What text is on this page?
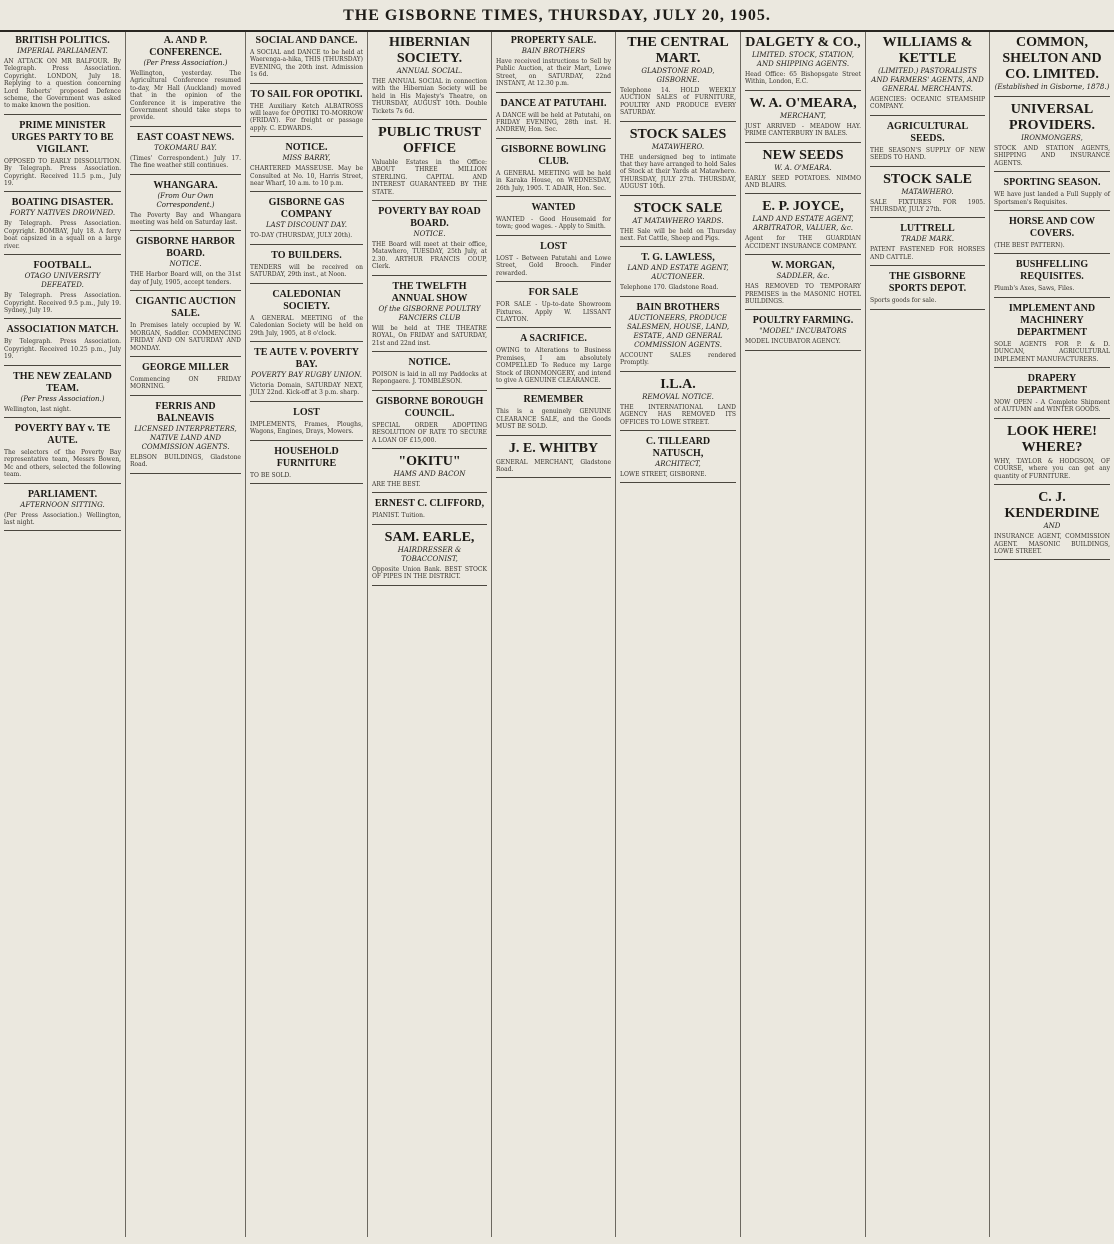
THE GISBORNE TIMES, THURSDAY, JULY 20, 1905.
BRITISH POLITICS.
IMPERIAL PARLIAMENT.
AN ATTACK ON MR BALFOUR. By Telegraph. Press Association. Copyright. LONDON, July 18. Replying to a question concerning Lord Roberts' proposed Defence scheme, the Government was asked to make known the position.
PRIME MINISTER URGES PARTY TO BE VIGILANT.
OPPOSED TO EARLY DISSOLUTION. By Telegraph. Press Association. Copyright. Received 11.5 p.m., July 19.
BOATING DISASTER.
FORTY NATIVES DROWNED.
By Telegraph. Press Association. Copyright. BOMBAY, July 18. A ferry boat capsized in a squall on a large river.
FOOTBALL.
OTAGO UNIVERSITY DEFEATED.
By Telegraph. Press Association. Copyright. Received 9.5 p.m., July 19. Sydney, July 19.
ASSOCIATION MATCH.
By Telegraph. Press Association. Copyright. Received 10.25 p.m., July 19.
THE NEW ZEALAND TEAM.
(Per Press Association.)
Wellington, last night.
POVERTY BAY v. TE AUTE.
The selectors of the Poverty Bay representative team, Messrs Bowen, Mc and others, selected the following team.
PARLIAMENT.
AFTERNOON SITTING.
(Per Press Association.) Wellington, last night.
A. AND P. CONFERENCE.
(Per Press Association.)
Wellington, yesterday. The Agricultural Conference resumed to-day, Mr Hall (Auckland) moved that in the opinion of the Conference it is imperative the Government should take steps to provide.
EAST COAST NEWS.
TOKOMARU BAY.
(Times' Correspondent.) July 17. The fine weather still continues.
WHANGARA.
(From Our Own Correspondent.)
The Poverty Bay and Whangara meeting was held on Saturday last.
GISBORNE HARBOR BOARD.
NOTICE.
THE Harbor Board will, on the 31st day of July, 1905, accept tenders.
CIGANTIC AUCTION SALE.
In Premises lately occupied by W. MORGAN, Saddler. COMMENCING FRIDAY AND ON SATURDAY AND MONDAY.
GEORGE MILLER
Commencing ON FRIDAY MORNING.
FERRIS AND BALNEAVIS
LICENSED INTERPRETERS, NATIVE LAND AND COMMISSION AGENTS.
ELBSON BUILDINGS, Gladstone Road.
SOCIAL AND DANCE.
A SOCIAL and DANCE to be held at Waerenga-a-hika, THIS (THURSDAY) EVENING, the 20th inst. Admission 1s 6d.
TO SAIL FOR OPOTIKI.
THE Auxiliary Ketch ALBATROSS will leave for OPOTIKI TO-MORROW (FRIDAY). For freight or passage apply. C. EDWARDS.
NOTICE.
MISS BARRY,
CHARTERED MASSEUSE. May be Consulted at No. 10, Harris Street, near Wharf, 10 a.m. to 10 p.m.
GISBORNE GAS COMPANY
LAST DISCOUNT DAY.
TO-DAY (THURSDAY, JULY 20th).
TO BUILDERS.
TENDERS will be received on SATURDAY, 29th inst., at Noon.
CALEDONIAN SOCIETY.
A GENERAL MEETING of the Caledonian Society will be held on 29th July, 1905, at 8 o'clock.
TE AUTE V. POVERTY BAY.
POVERTY BAY RUGBY UNION.
Victoria Domain, SATURDAY NEXT, JULY 22nd. Kick-off at 3 p.m. sharp.
LOST
IMPLEMENTS, Frames, Ploughs, Wagons, Engines, Drays, Mowers.
HOUSEHOLD FURNITURE
TO BE SOLD.
HIBERNIAN SOCIETY.
ANNUAL SOCIAL.
THE ANNUAL SOCIAL in connection with the Hibernian Society will be held in His Majesty's Theatre, on THURSDAY, AUGUST 10th. Double Tickets 7s 6d.
PUBLIC TRUST OFFICE
Valuable Estates in the Office: ABOUT THREE MILLION STERLING. CAPITAL AND INTEREST GUARANTEED BY THE STATE.
POVERTY BAY ROAD BOARD.
NOTICE.
THE Board will meet at their office, Matawhero, TUESDAY, 25th July, at 2.30. ARTHUR FRANCIS COUP, Clerk.
THE TWELFTH ANNUAL SHOW
Of the GISBORNE POULTRY FANCIERS CLUB
Will be held at THE THEATRE ROYAL, On FRIDAY and SATURDAY, 21st and 22nd inst.
NOTICE.
POISON is laid in all my Paddocks at Repongaere. J. TOMBLESON.
GISBORNE BOROUGH COUNCIL.
SPECIAL ORDER ADOPTING RESOLUTION OF RATE TO SECURE A LOAN OF £15,000.
"OKITU"
HAMS AND BACON
ARE THE BEST.
ERNEST C. CLIFFORD,
PIANIST. Tuition.
SAM. EARLE,
HAIRDRESSER & TOBACCONIST,
Opposite Union Bank. BEST STOCK OF PIPES IN THE DISTRICT.
PROPERTY SALE.
BAIN BROTHERS
Have received instructions to Sell by Public Auction, at their Mart, Lowe Street, on SATURDAY, 22nd INSTANT, At 12.30 p.m.
DANCE AT PATUTAHI.
A DANCE will be held at Patutahi, on FRIDAY EVENING, 28th inst. H. ANDREW, Hon. Sec.
GISBORNE BOWLING CLUB.
A GENERAL MEETING will be held in Karaka House, on WEDNESDAY, 26th July, 1905. T. ADAIR, Hon. Sec.
WANTED
WANTED - Good Housemaid for town; good wages. - Apply to Smith.
LOST
LOST - Between Patutahi and Lowe Street, Gold Brooch. Finder rewarded.
FOR SALE
FOR SALE - Up-to-date Showroom Fixtures. Apply W. LISSANT CLAYTON.
A SACRIFICE.
OWING to Alterations to Business Premises, I am absolutely COMPELLED To Reduce my Large Stock of IRONMONGERY, and intend to give A GENUINE CLEARANCE.
REMEMBER
This is a genuinely GENUINE CLEARANCE SALE, and the Goods MUST BE SOLD.
J. E. WHITBY
GENERAL MERCHANT, Gladstone Road.
THE CENTRAL MART.
GLADSTONE ROAD, GISBORNE.
Telephone 14. HOLD WEEKLY AUCTION SALES of FURNITURE, POULTRY AND PRODUCE EVERY SATURDAY.
STOCK SALES
MATAWHERO.
THE undersigned beg to intimate that they have arranged to hold Sales of Stock at their Yards at Matawhero. THURSDAY, JULY 27th. THURSDAY, AUGUST 10th.
STOCK SALE
AT MATAWHERO YARDS.
THE Sale will be held on Thursday next. Fat Cattle, Sheep and Pigs.
T. G. LAWLESS,
LAND AND ESTATE AGENT, AUCTIONEER.
Telephone 170. Gladstone Road.
BAIN BROTHERS
AUCTIONEERS, PRODUCE SALESMEN, HOUSE, LAND, ESTATE, AND GENERAL COMMISSION AGENTS.
ACCOUNT SALES rendered Promptly.
I.L.A.
REMOVAL NOTICE.
THE INTERNATIONAL LAND AGENCY HAS REMOVED ITS OFFICES TO LOWE STREET.
C. TILLEARD NATUSCH,
ARCHITECT,
LOWE STREET, GISBORNE.
DALGETY & CO.,
LIMITED. STOCK, STATION, AND SHIPPING AGENTS.
Head Office: 65 Bishopsgate Street Within, London, E.C.
W. A. O'MEARA,
MERCHANT,
JUST ARRIVED - MEADOW HAY. PRIME CANTERBURY IN BALES.
NEW SEEDS
W. A. O'MEARA.
EARLY SEED POTATOES. NIMMO AND BLAIRS.
E. P. JOYCE,
LAND AND ESTATE AGENT, ARBITRATOR, VALUER, &c.
Agent for THE GUARDIAN ACCIDENT INSURANCE COMPANY.
W. MORGAN,
SADDLER, &c.
HAS REMOVED TO TEMPORARY PREMISES in the MASONIC HOTEL BUILDINGS.
POULTRY FARMING.
"MODEL" INCUBATORS
MODEL INCUBATOR AGENCY.
WILLIAMS & KETTLE
(LIMITED.) PASTORALISTS AND FARMERS' AGENTS, AND GENERAL MERCHANTS.
AGENCIES: OCEANIC STEAMSHIP COMPANY.
AGRICULTURAL SEEDS.
THE SEASON'S SUPPLY OF NEW SEEDS TO HAND.
STOCK SALE
MATAWHERO.
SALE FIXTURES FOR 1905. THURSDAY, JULY 27th.
LUTTRELL
TRADE MARK.
PATENT FASTENED FOR HORSES AND CATTLE.
THE GISBORNE SPORTS DEPOT.
Sports goods for sale.
COMMON, SHELTON AND CO. LIMITED.
(Established in Gisborne, 1878.)
UNIVERSAL PROVIDERS.
IRONMONGERS,
STOCK AND STATION AGENTS, SHIPPING AND INSURANCE AGENTS.
SPORTING SEASON.
WE have just landed a Full Supply of Sportsmen's Requisites.
HORSE AND COW COVERS.
(THE BEST PATTERN).
BUSHFELLING REQUISITES.
Plumb's Axes, Saws, Files.
IMPLEMENT AND MACHINERY DEPARTMENT
SOLE AGENTS FOR P. & D. DUNCAN, AGRICULTURAL IMPLEMENT MANUFACTURERS.
DRAPERY DEPARTMENT
NOW OPEN - A Complete Shipment of AUTUMN and WINTER GOODS.
LOOK HERE! WHERE?
WHY, TAYLOR & HODGSON, OF COURSE, where you can get any quantity of FURNITURE.
C. J. KENDERDINE
AND
INSURANCE AGENT, COMMISSION AGENT. MASONIC BUILDINGS, LOWE STREET.
